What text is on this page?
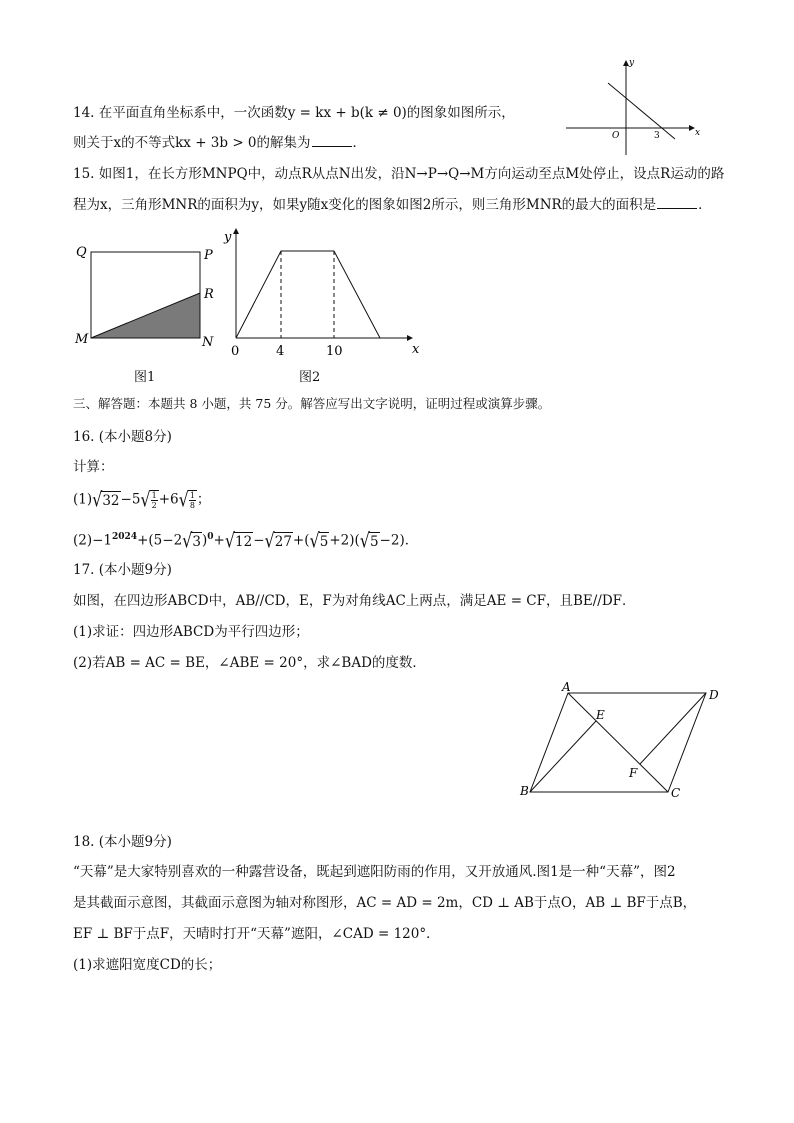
14. 在平面直角坐标系中，一次函数y = kx + b(k ≠ 0)的图象如图所示，
则关于x的不等式kx + 3b > 0的解集为	．
y
x
O	3
15. 如图1，在长方形MNPQ中，动点R从点N出发，沿N→P→Q→M方向运动至点M处停止，设点R运动的路
程为x，三角形MNR的面积为y，如果y随x变化的图象如图2所示，则三角形MNR的最大的面积是	．
Q	P
R
M	N
图1
y
x
0	4	10
图2
三、解答题：本题共 8 小题，共 75 分。解答应写出文字说明，证明过程或演算步骤。
16. (本小题8分)
计算：
$(1)√32-5√ \frac{1}{2} +6√ \frac{1}{8}$ ；
$(2)-1^{2024}+(5-2√3)^0+√12-√27+(√5+2)(√5-2)$．
17. (本小题9分)
如图，在四边形ABCD中，AB//CD，E，F为对角线AC上两点，满足AE = CF，且BE//DF．
(1)求证：四边形ABCD为平行四边形；
(2)若AB = AC = BE，∠ABE = 20°，求∠BAD的度数．
A
D
E
F
B	C
18. (本小题9分)
“天幕”是大家特别喜欢的一种露营设备，既起到遮阳防雨的作用，又开放通风.图1是一种“天幕”，图2
是其截面示意图，其截面示意图为轴对称图形，AC = AD = 2m，CD ⊥ AB于点O，AB ⊥ BF于点B，
EF ⊥ BF于点F，天晴时打开“天幕”遮阳，∠CAD = 120°．
(1)求遮阳宽度CD的长；
